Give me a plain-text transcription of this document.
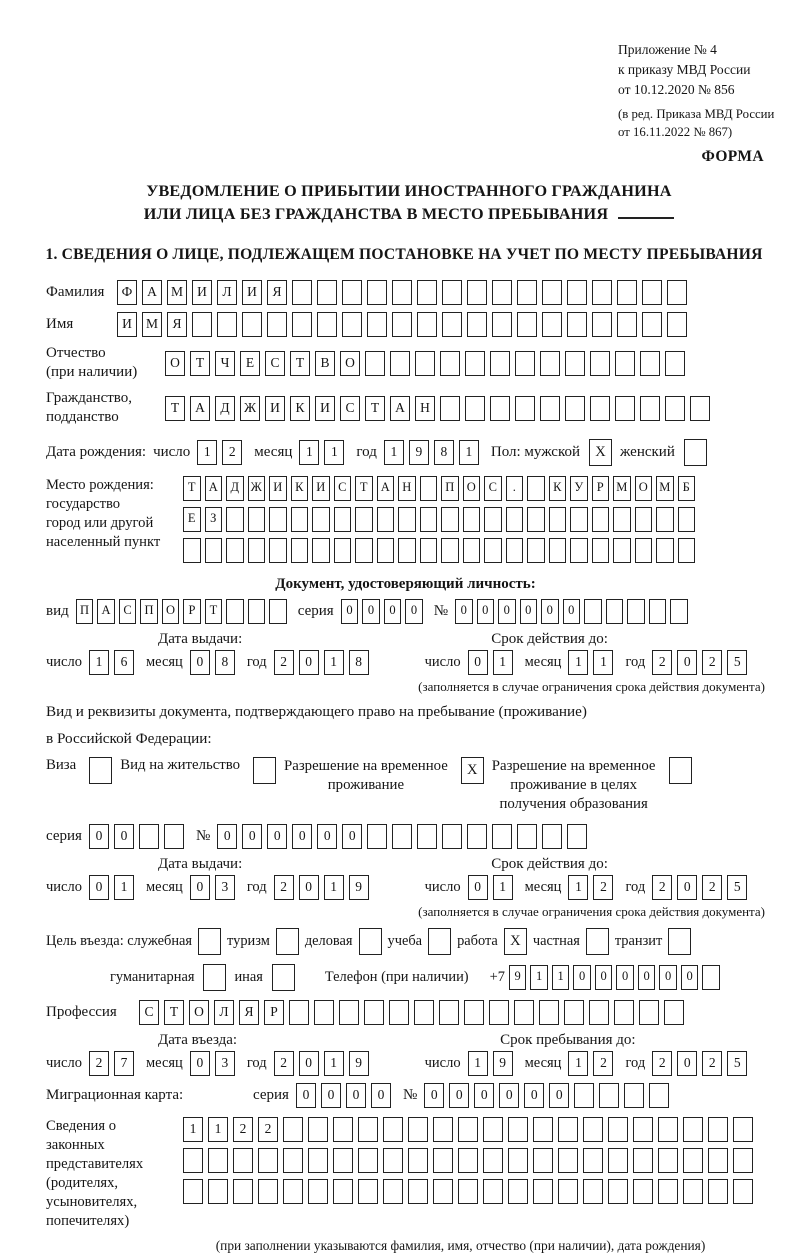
Приложение № 4
к приказу МВД России
от 10.12.2020 № 856
(в ред. Приказа МВД России
от 16.11.2022 № 867)
ФОРМА
УВЕДОМЛЕНИЕ О ПРИБЫТИИ ИНОСТРАННОГО ГРАЖДАНИНА
ИЛИ ЛИЦА БЕЗ ГРАЖДАНСТВА В МЕСТО ПРЕБЫВАНИЯ
1. СВЕДЕНИЯ О ЛИЦЕ, ПОДЛЕЖАЩЕМ ПОСТАНОВКЕ НА УЧЕТ ПО МЕСТУ ПРЕБЫВАНИЯ
Фамилия	Ф	А	М	И	Л	И	Я
Имя	И	М	Я
Отчество
(при наличии)
О	Т	Ч	Е	С	Т	В	О
Гражданство,
подданство
Т	А	Д	Ж	И	К	И	С	Т	А	Н
Дата рождения: число	1	2	месяц	1	1	год	1	9	8	1	Пол: мужской	X женский
Место рождения:
государство
город или другой
населенный пункт
Т	А	Д Ж И	К	И	С	Т	А Н	П О	С	.	К	У	Р М О М Б
Е	З
Документ, удостоверяющий личность:
вид П А	С	П О	Р	Т	серия	0	0	0	0	№	0	0	0	0	0	0
Дата выдачи:	Срок действия до:
число	1	6	месяц	0	8	год	2	0	1	8	число	0	1	месяц	1	1	год	2	0	2	5
(заполняется в случае ограничения срока действия документа)
Вид и реквизиты документа, подтверждающего право на пребывание (проживание)
в Российской Федерации:
Виза	Вид на жительство	Разрешение на временное
проживание
X Разрешение на временное
проживание в целях
получения образования
серия	0	0	№	0	0	0	0	0	0
Дата выдачи:	Срок действия до:
число	0	1	месяц	0	3	год	2	0	1	9	число	0	1	месяц	1	2	год	2	0	2	5
(заполняется в случае ограничения срока действия документа)
Цель въезда: служебная туризм деловая учеба работа X частная транзит
гуманитарная	иная	Телефон (при наличии) +7 9	1	1	0	0	0	0	0	0
Профессия	С	Т	О	Л	Я	Р
Дата въезда:	Срок пребывания до:
число	2	7	месяц	0	3	год	2	0	1	9	число	1	9	месяц	1	2	год	2	0	2	5
Миграционная карта:	серия	0	0	0	0	№	0	0	0	0	0	0
Сведения о
законных
представителях
(родителях,
усыновителях,
попечителях)
1	1	2	2
(при заполнении указываются фамилия, имя, отчество (при наличии), дата рождения)
